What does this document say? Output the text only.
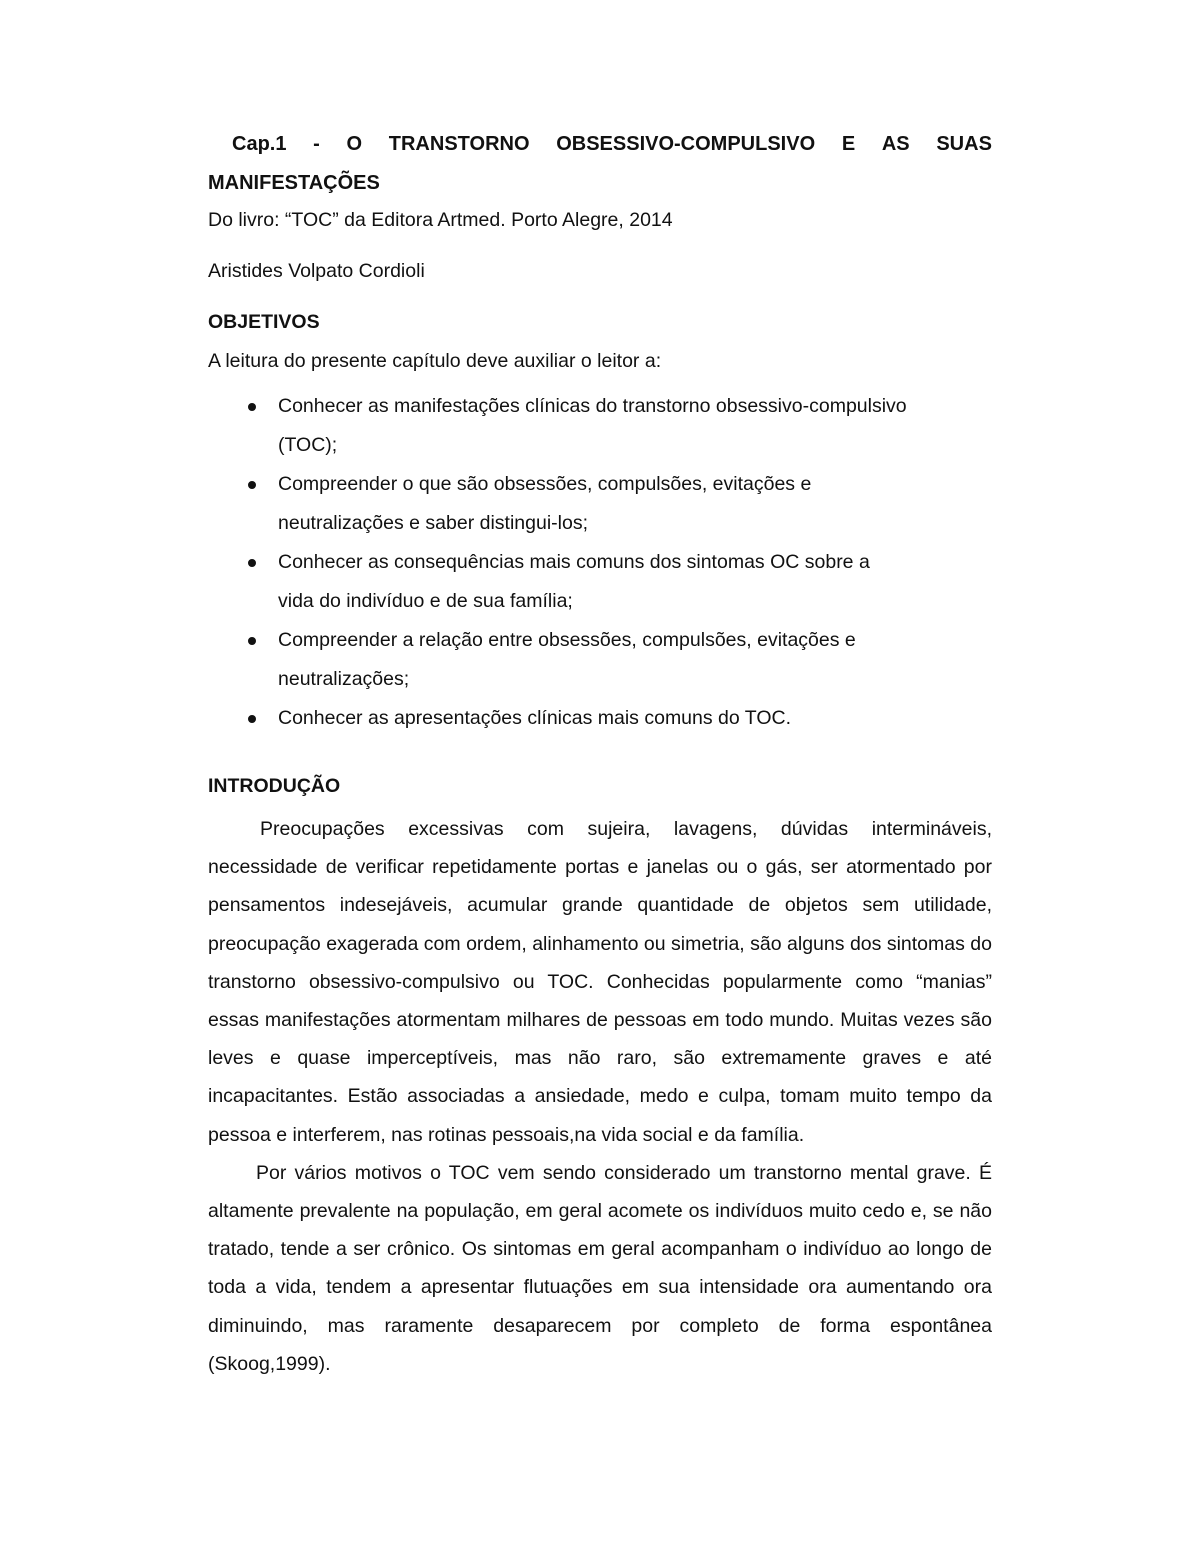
Cap.1 - O TRANSTORNO OBSESSIVO-COMPULSIVO E AS SUAS
MANIFESTAÇÕES
Do livro: “TOC” da Editora Artmed. Porto Alegre, 2014
Aristides Volpato Cordioli
OBJETIVOS
A leitura do presente capítulo deve auxiliar o leitor a:
Conhecer as manifestações clínicas do transtorno obsessivo-compulsivo (TOC);
Compreender o que são obsessões, compulsões, evitações e neutralizações e saber distingui-los;
Conhecer as consequências mais comuns dos sintomas OC sobre a vida do indivíduo e de sua família;
Compreender a relação entre obsessões, compulsões, evitações e neutralizações;
Conhecer as apresentações clínicas mais comuns do TOC.
INTRODUÇÃO

Preocupações excessivas com sujeira, lavagens, dúvidas intermináveis, necessidade de verificar repetidamente portas e janelas ou o gás, ser atormentado por pensamentos indesejáveis, acumular grande quantidade de objetos sem utilidade, preocupação exagerada com ordem, alinhamento ou simetria, são alguns dos sintomas do transtorno obsessivo-compulsivo ou TOC. Conhecidas popularmente como “manias” essas manifestações atormentam milhares de pessoas em todo mundo. Muitas vezes são leves e quase imperceptíveis, mas não raro, são extremamente graves e até incapacitantes. Estão associadas a ansiedade, medo e culpa, tomam muito tempo da pessoa e interferem, nas rotinas pessoais,na vida social e da família.

Por vários motivos o TOC vem sendo considerado um transtorno mental grave. É altamente prevalente na população, em geral acomete os indivíduos muito cedo e, se não tratado, tende a ser crônico. Os sintomas em geral acompanham o indivíduo ao longo de toda a vida, tendem a apresentar flutuações em sua intensidade ora aumentando ora diminuindo, mas raramente desaparecem por completo de forma espontânea (Skoog,1999).
